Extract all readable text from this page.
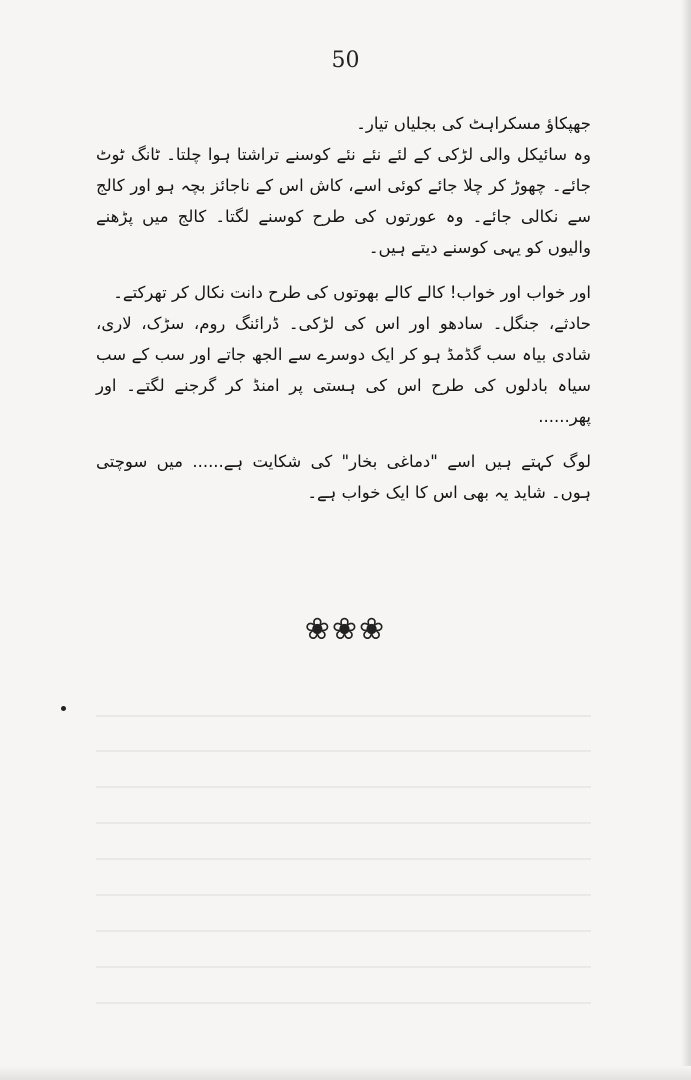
50

جھپکاؤ مسکراہٹ کی بجلیاں تیار۔

وہ سائیکل والی لڑکی کے لئے نئے نئے کوسنے تراشتا ہوا چلتا۔ ٹانگ ٹوٹ جائے۔ چھوڑ کر چلا جائے کوئی اسے، کاش اس کے ناجائز بچہ ہو اور کالج سے نکالی جائے۔ وہ عورتوں کی طرح کوسنے لگتا۔ کالج میں پڑھنے والیوں کو یہی کوسنے دیتے ہیں۔

اور خواب اور خواب! کالے کالے بھوتوں کی طرح دانت نکال کر تھرکتے۔

حادثے، جنگل۔ سادھو اور اس کی لڑکی۔ ڈرائنگ روم، سڑک، لاری، شادی بیاہ سب گڈمڈ ہو کر ایک دوسرے سے الجھ جاتے اور سب کے سب سیاہ بادلوں کی طرح اس کی ہستی پر امنڈ کر گرجنے لگتے۔ اور پھر......

لوگ کہتے ہیں اسے "دماغی بخار" کی شکایت ہے...... میں سوچتی ہوں۔ شاید یہ بھی اس کا ایک خواب ہے۔

❀❀❀
